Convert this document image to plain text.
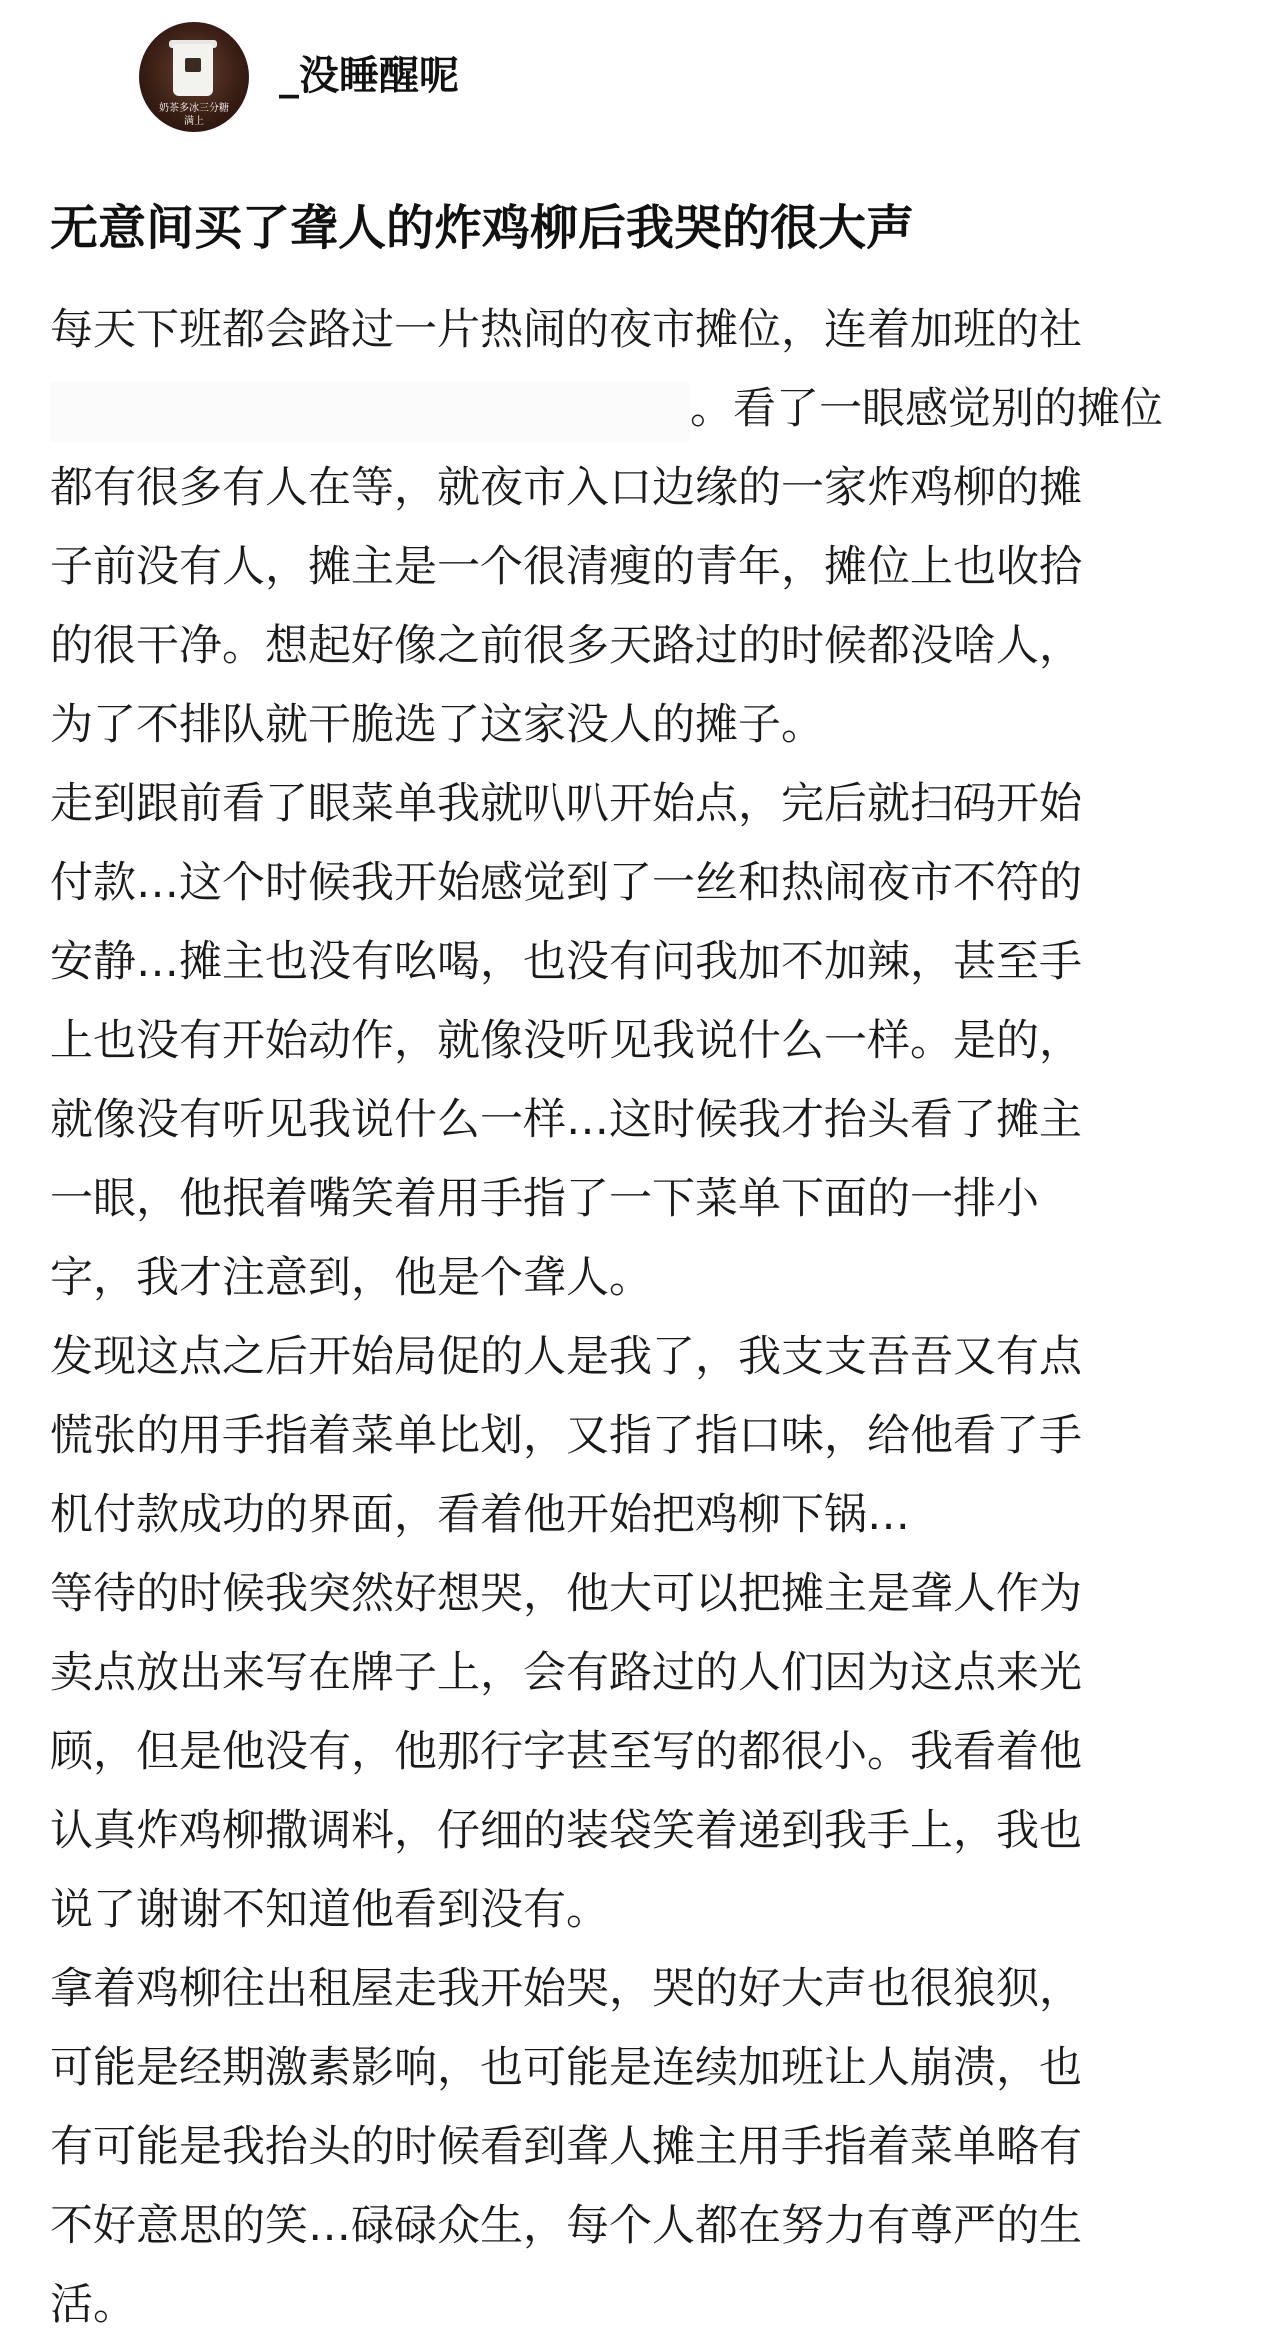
奶茶多冰三分糖
满上
_没睡醒呢
无意间买了聋人的炸鸡柳后我哭的很大声
每天下班都会路过一片热闹的夜市摊位，连着加班的社
。看了一眼感觉别的摊位
都有很多有人在等，就夜市入口边缘的一家炸鸡柳的摊
子前没有人，摊主是一个很清瘦的青年，摊位上也收拾
的很干净。想起好像之前很多天路过的时候都没啥人，
为了不排队就干脆选了这家没人的摊子。
走到跟前看了眼菜单我就叭叭开始点，完后就扫码开始
付款…这个时候我开始感觉到了一丝和热闹夜市不符的
安静…摊主也没有吆喝，也没有问我加不加辣，甚至手
上也没有开始动作，就像没听见我说什么一样。是的，
就像没有听见我说什么一样…这时候我才抬头看了摊主
一眼，他抿着嘴笑着用手指了一下菜单下面的一排小
字，我才注意到，他是个聋人。
发现这点之后开始局促的人是我了，我支支吾吾又有点
慌张的用手指着菜单比划，又指了指口味，给他看了手
机付款成功的界面，看着他开始把鸡柳下锅…
等待的时候我突然好想哭，他大可以把摊主是聋人作为
卖点放出来写在牌子上，会有路过的人们因为这点来光
顾，但是他没有，他那行字甚至写的都很小。我看着他
认真炸鸡柳撒调料，仔细的装袋笑着递到我手上，我也
说了谢谢不知道他看到没有。
拿着鸡柳往出租屋走我开始哭，哭的好大声也很狼狈，
可能是经期激素影响，也可能是连续加班让人崩溃，也
有可能是我抬头的时候看到聋人摊主用手指着菜单略有
不好意思的笑…碌碌众生，每个人都在努力有尊严的生
活。
